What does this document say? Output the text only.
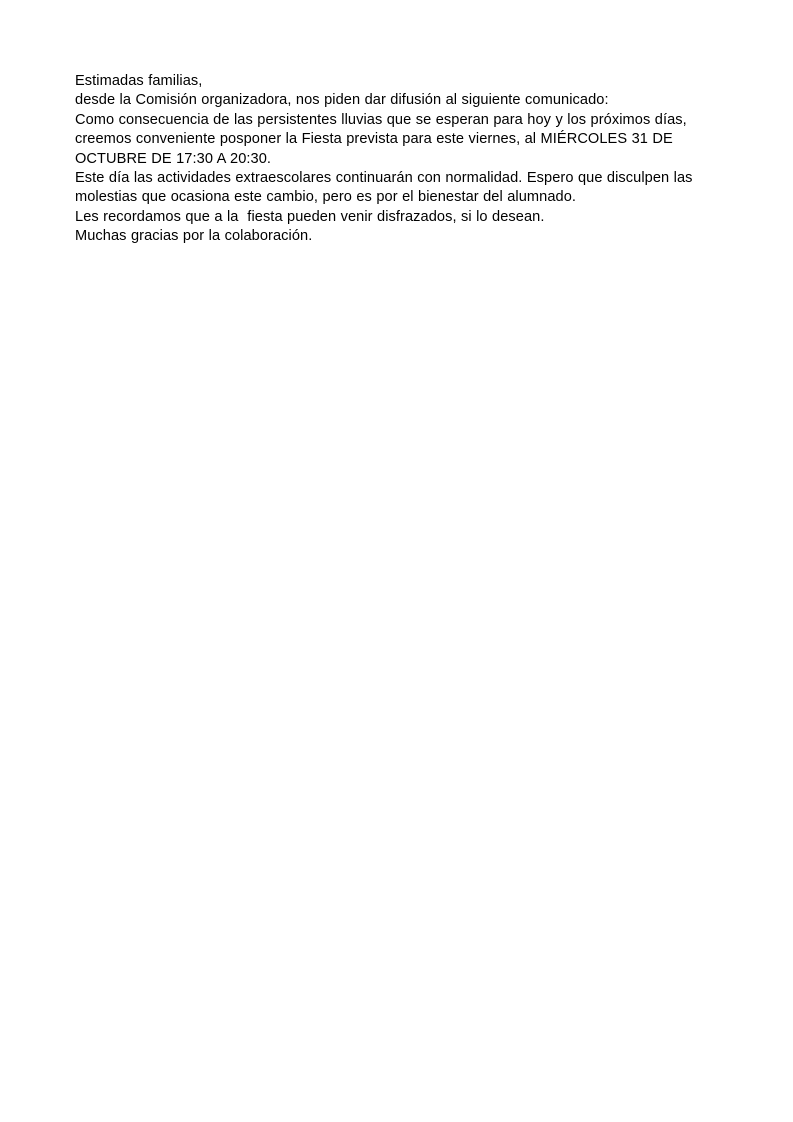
Estimadas familias,

desde la Comisión organizadora, nos piden dar difusión al siguiente comunicado:

Como consecuencia de las persistentes lluvias que se esperan para hoy y los próximos días, creemos conveniente posponer la Fiesta prevista para este viernes, al MIÉRCOLES 31 DE OCTUBRE DE 17:30 A 20:30.

Este día las actividades extraescolares continuarán con normalidad. Espero que disculpen las molestias que ocasiona este cambio, pero es por el bienestar del alumnado.

Les recordamos que a la  fiesta pueden venir disfrazados, si lo desean.

Muchas gracias por la colaboración.
